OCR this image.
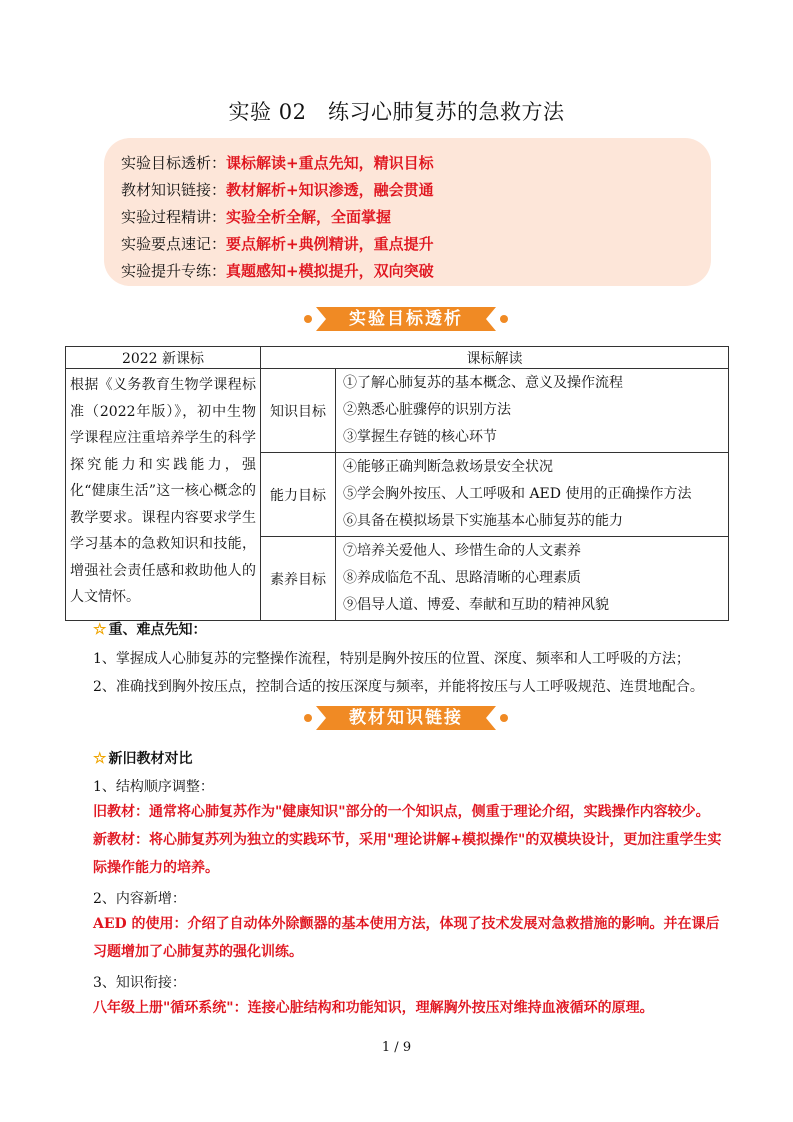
实验 02　练习心肺复苏的急救方法
实验目标透析：课标解读+重点先知，精识目标
教材知识链接：教材解析+知识渗透，融会贯通
实验过程精讲：实验全析全解，全面掌握
实验要点速记：要点解析+典例精讲，重点提升
实验提升专练：真题感知+模拟提升，双向突破
实验目标透析
2022 新课标	课标解读	
根据《义务教育生物学课程标准（2022年版）》，初中生物学课程应注重培养学生的科学探究能力和实践能力，强化“健康生活”这一核心概念的教学要求。课程内容要求学生学习基本的急救知识和技能，增强社会责任感和救助他人的人文情怀。	知识目标	①了解心肺复苏的基本概念、意义及操作流程
②熟悉心脏骤停的识别方法
③掌握生存链的核心环节

	能力目标	④能够正确判断急救场景安全状况
⑤学会胸外按压、人工呼吸和 AED 使用的正确操作方法
⑥具备在模拟场景下实施基本心肺复苏的能力

	素养目标	⑦培养关爱他人、珍惜生命的人文素养
⑧养成临危不乱、思路清晰的心理素质
⑨倡导人道、博爱、奉献和互助的精神风貌
☆ 重、难点先知：
1、掌握成人心肺复苏的完整操作流程，特别是胸外按压的位置、深度、频率和人工呼吸的方法；
2、准确找到胸外按压点，控制合适的按压深度与频率，并能将按压与人工呼吸规范、连贯地配合。
教材知识链接
☆ 新旧教材对比
1、结构顺序调整：
旧教材：通常将心肺复苏作为"健康知识"部分的一个知识点，侧重于理论介绍，实践操作内容较少。
新教材：将心肺复苏列为独立的实践环节，采用"理论讲解+模拟操作"的双模块设计，更加注重学生实际操作能力的培养。
2、内容新增：
AED 的使用：介绍了自动体外除颤器的基本使用方法，体现了技术发展对急救措施的影响。并在课后习题增加了心肺复苏的强化训练。
3、知识衔接：
八年级上册"循环系统"：连接心脏结构和功能知识，理解胸外按压对维持血液循环的原理。
1 / 9
